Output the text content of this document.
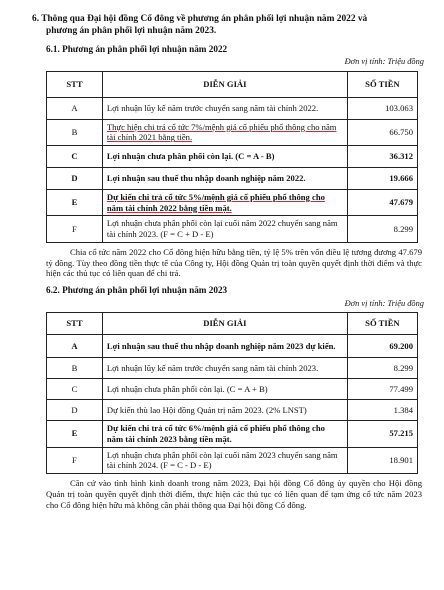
6. Thông qua Đại hội đồng Cổ đông về phương án phân phối lợi nhuận năm 2022 và
phương án phân phối lợi nhuận năm 2023.
6.1. Phương án phân phối lợi nhuận năm 2022
Đơn vị tính: Triệu đồng
STT	DIỄN GIẢI	SỐ TIỀN
A	Lợi nhuận lũy kế năm trước chuyển sang năm tài chính 2022.	103.063
B	Thực hiện chi trả cổ tức 7%/mệnh giá cổ phiếu phổ thông cho năm tài chính 2021 bằng tiền.	66.750
C	Lợi nhuận chưa phân phối còn lại. (C = A - B)	36.312
D	Lợi nhuận sau thuế thu nhập doanh nghiệp năm 2022.	19.666
E	Dự kiến chi trả cổ tức 5%/mệnh giá cổ phiếu phổ thông cho năm tài chính 2022 bằng tiền mặt.	47.679
F	Lợi nhuận chưa phân phối còn lại cuối năm 2022 chuyển sang năm tài chính 2023. (F = C + D - E)	8.299
Chia cổ tức năm 2022 cho Cổ đông hiện hữu bằng tiền, tỷ lệ 5% trên vốn điều lệ tương đương 47.679 tỷ đồng. Tùy theo đồng tiền thực tế của Công ty, Hội đồng Quản trị toàn quyền quyết định thời điểm và thực hiện các thủ tục có liên quan để chi trả.
6.2. Phương án phân phối lợi nhuận năm 2023
Đơn vị tính: Triệu đồng
STT	DIỄN GIẢI	SỐ TIỀN
A	Lợi nhuận sau thuế thu nhập doanh nghiệp năm 2023 dự kiến.	69.200
B	Lợi nhuận lũy kế năm trước chuyển sang năm tài chính 2023.	8.299
C	Lợi nhuận chưa phân phối còn lại. (C = A + B)	77.499
D	Dự kiến thù lao Hội đồng Quản trị năm 2023. (2% LNST)	1.384
E	Dự kiến chi trả cổ tức 6%/mệnh giá cổ phiếu phổ thông cho năm tài chính 2023 bằng tiền mặt.	57.215
F	Lợi nhuận chưa phân phối còn lại cuối năm 2023 chuyển sang năm tài chính 2024. (F = C - D - E)	18.901
Căn cứ vào tình hình kinh doanh trong năm 2023, Đại hội đồng Cổ đông ủy quyền cho Hội đồng Quản trị toàn quyền quyết định thời điểm, thực hiện các thủ tục có liên quan để tạm ứng cổ tức năm 2023 cho Cổ đông hiện hữu mà không cần phải thông qua Đại hội đồng Cổ đông.
